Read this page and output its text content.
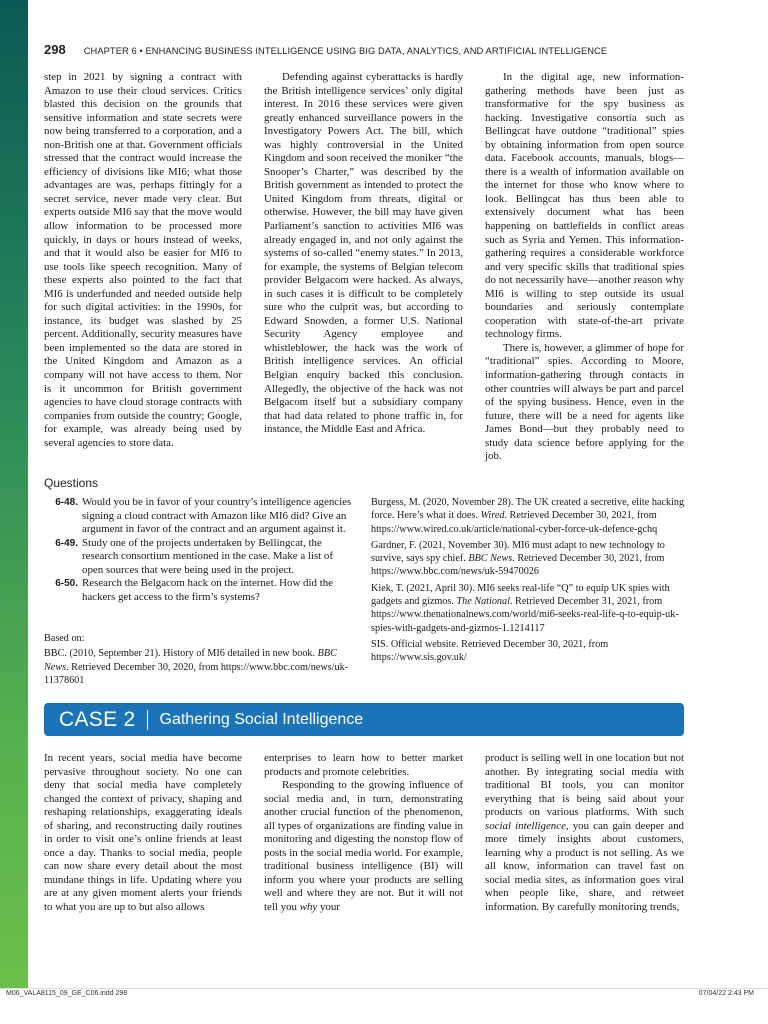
298 CHAPTER 6 • ENHANCING BUSINESS INTELLIGENCE USING BIG DATA, ANALYTICS, AND ARTIFICIAL INTELLIGENCE

step in 2021 by signing a contract with Amazon to use their cloud services. Critics blasted this decision on the grounds that sensitive information and state secrets were now being transferred to a corporation, and a non-British one at that. Government officials stressed that the contract would increase the efficiency of divisions like MI6; what those advantages are was, perhaps fittingly for a secret service, never made very clear. But experts outside MI6 say that the move would allow information to be processed more quickly, in days or hours instead of weeks, and that it would also be easier for MI6 to use tools like speech recognition. Many of these experts also pointed to the fact that MI6 is underfunded and needed outside help for such digital activities: in the 1990s, for instance, its budget was slashed by 25 percent. Additionally, security measures have been implemented so the data are stored in the United Kingdom and Amazon as a company will not have access to them. Nor is it uncommon for British government agencies to have cloud storage contracts with companies from outside the country; Google, for example, was already being used by several agencies to store data.

Defending against cyberattacks is hardly the British intelligence services’ only digital interest. In 2016 these services were given greatly enhanced surveillance powers in the Investigatory Powers Act. The bill, which was highly controversial in the United Kingdom and soon received the moniker “the Snooper’s Charter,” was described by the British government as intended to protect the United Kingdom from threats, digital or otherwise. However, the bill may have given Parliament’s sanction to activities MI6 was already engaged in, and not only against the systems of so-called “enemy states.” In 2013, for example, the systems of Belgian telecom provider Belgacom were hacked. As always, in such cases it is difficult to be completely sure who the culprit was, but according to Edward Snowden, a former U.S. National Security Agency employee and whistleblower, the hack was the work of British intelligence services. An official Belgian enquiry backed this conclusion. Allegedly, the objective of the hack was not Belgacom itself but a subsidiary company that had data related to phone traffic in, for instance, the Middle East and Africa.

In the digital age, new information-gathering methods have been just as transformative for the spy business as hacking. Investigative consortia such as Bellingcat have outdone “traditional” spies by obtaining information from open source data. Facebook accounts, manuals, blogs—there is a wealth of information available on the internet for those who know where to look. Bellingcat has thus been able to extensively document what has been happening on battlefields in conflict areas such as Syria and Yemen. This information-gathering requires a considerable workforce and very specific skills that traditional spies do not necessarily have—another reason why MI6 is willing to step outside its usual boundaries and seriously contemplate cooperation with state-of-the-art private technology firms.

There is, however, a glimmer of hope for “traditional” spies. According to Moore, information-gathering through contacts in other countries will always be part and parcel of the spying business. Hence, even in the future, there will be a need for agents like James Bond—but they probably need to study data science before applying for the job.

Questions
6-48. Would you be in favor of your country’s intelligence agencies signing a cloud contract with Amazon like MI6 did? Give an argument in favor of the contract and an argument against it.
6-49. Study one of the projects undertaken by Bellingcat, the research consortium mentioned in the case. Make a list of open sources that were being used in the project.
6-50. Research the Belgacom hack on the internet. How did the hackers get access to the firm’s systems?
Based on:
BBC. (2010, September 21). History of MI6 detailed in new book. BBC News. Retrieved December 30, 2020, from https://www.bbc.com/news/uk-11378601
Burgess, M. (2020, November 28). The UK created a secretive, elite hacking force. Here’s what it does. Wired. Retrieved December 30, 2021, from https://www.wired.co.uk/article/national-cyber-force-uk-defence-gchq
Gardner, F. (2021, November 30). MI6 must adapt to new technology to survive, says spy chief. BBC News. Retrieved December 30, 2021, from https://www.bbc.com/news/uk-59470026
Kiek, T. (2021, April 30). MI6 seeks real-life “Q” to equip UK spies with gadgets and gizmos. The National. Retrieved December 31, 2021, from https://www.thenationalnews.com/world/mi6-seeks-real-life-q-to-equip-uk-spies-with-gadgets-and-gizmos-1.1214117
SIS. Official website. Retrieved December 30, 2021, from https://www.sis.gov.uk/
CASE 2 Gathering Social Intelligence

In recent years, social media have become pervasive throughout society. No one can deny that social media have completely changed the context of privacy, shaping and reshaping relationships, exaggerating ideals of sharing, and reconstructing daily routines in order to visit one’s online friends at least once a day. Thanks to social media, people can now share every detail about the most mundane things in life. Updating where you are at any given moment alerts your friends to what you are up to but also allows

enterprises to learn how to better market products and promote celebrities.

Responding to the growing influence of social media and, in turn, demonstrating another crucial function of the phenomenon, all types of organizations are finding value in monitoring and digesting the nonstop flow of posts in the social media world. For example, traditional business intelligence (BI) will inform you where your products are selling well and where they are not. But it will not tell you why your

product is selling well in one location but not another. By integrating social media with traditional BI tools, you can monitor everything that is being said about your products on various platforms. With such social intelligence, you can gain deeper and more timely insights about customers, learning why a product is not selling. As we all know, information can travel fast on social media sites, as information goes viral when people like, share, and retweet information. By carefully monitoring trends,

M06_VALA8115_09_GE_C06.indd 298	07/04/22 2:43 PM
